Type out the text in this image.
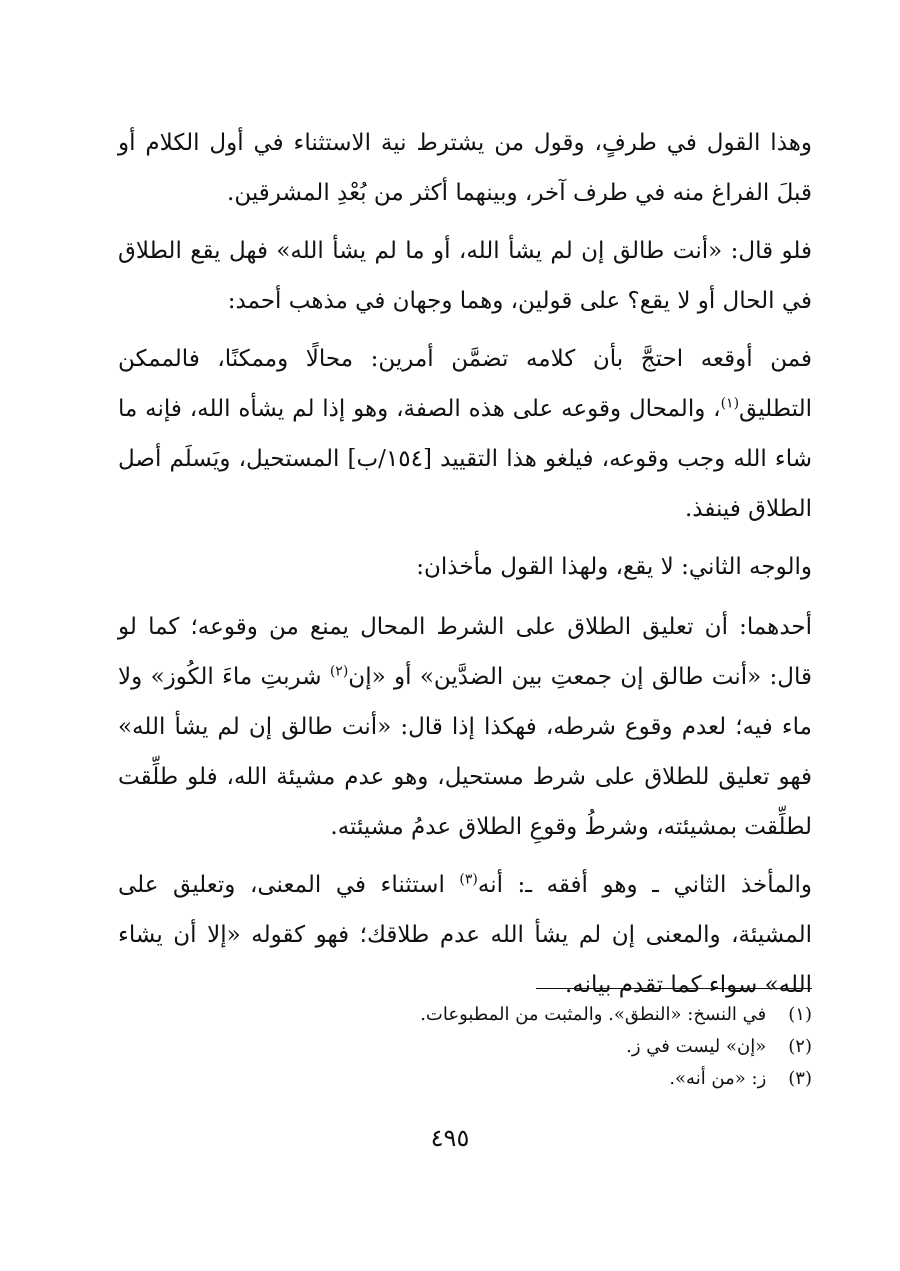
وهذا القول في طرفٍ، وقول من يشترط نية الاستثناء في أول الكلام أو قبلَ الفراغ منه في طرف آخر، وبينهما أكثر من بُعْدِ المشرقين.

فلو قال: «أنت طالق إن لم يشأ الله، أو ما لم يشأ الله» فهل يقع الطلاق في الحال أو لا يقع؟ على قولين، وهما وجهان في مذهب أحمد:

فمن أوقعه احتجَّ بأن كلامه تضمَّن أمرين: محالًا وممكنًا، فالممكن التطليق$^{(١)}$، والمحال وقوعه على هذه الصفة، وهو إذا لم يشأه الله، فإنه ما شاء الله وجب وقوعه، فيلغو هذا التقييد [١٥٤/ب] المستحيل، ويَسلَم أصل الطلاق فينفذ.

والوجه الثاني: لا يقع، ولهذا القول مأخذان:

أحدهما: أن تعليق الطلاق على الشرط المحال يمنع من وقوعه؛ كما لو قال: «أنت طالق إن جمعتِ بين الضدَّين» أو «إن$^{(٢)}$ شربتِ ماءَ الكُوز» ولا ماء فيه؛ لعدم وقوع شرطه، فهكذا إذا قال: «أنت طالق إن لم يشأ الله» فهو تعليق للطلاق على شرط مستحيل، وهو عدم مشيئة الله، فلو طلِّقت لطلِّقت بمشيئته، وشرطُ وقوعِ الطلاق عدمُ مشيئته.

والمأخذ الثاني ـ وهو أفقه ـ: أنه$^{(٣)}$ استثناء في المعنى، وتعليق على المشيئة، والمعنى إن لم يشأ الله عدم طلاقك؛ فهو كقوله «إلا أن يشاء الله» سواء كما تقدم بيانه.

(١) في النسخ: «النطق». والمثبت من المطبوعات.

(٢) «إن» ليست في ز.

(٣) ز: «من أنه».

٤٩٥
